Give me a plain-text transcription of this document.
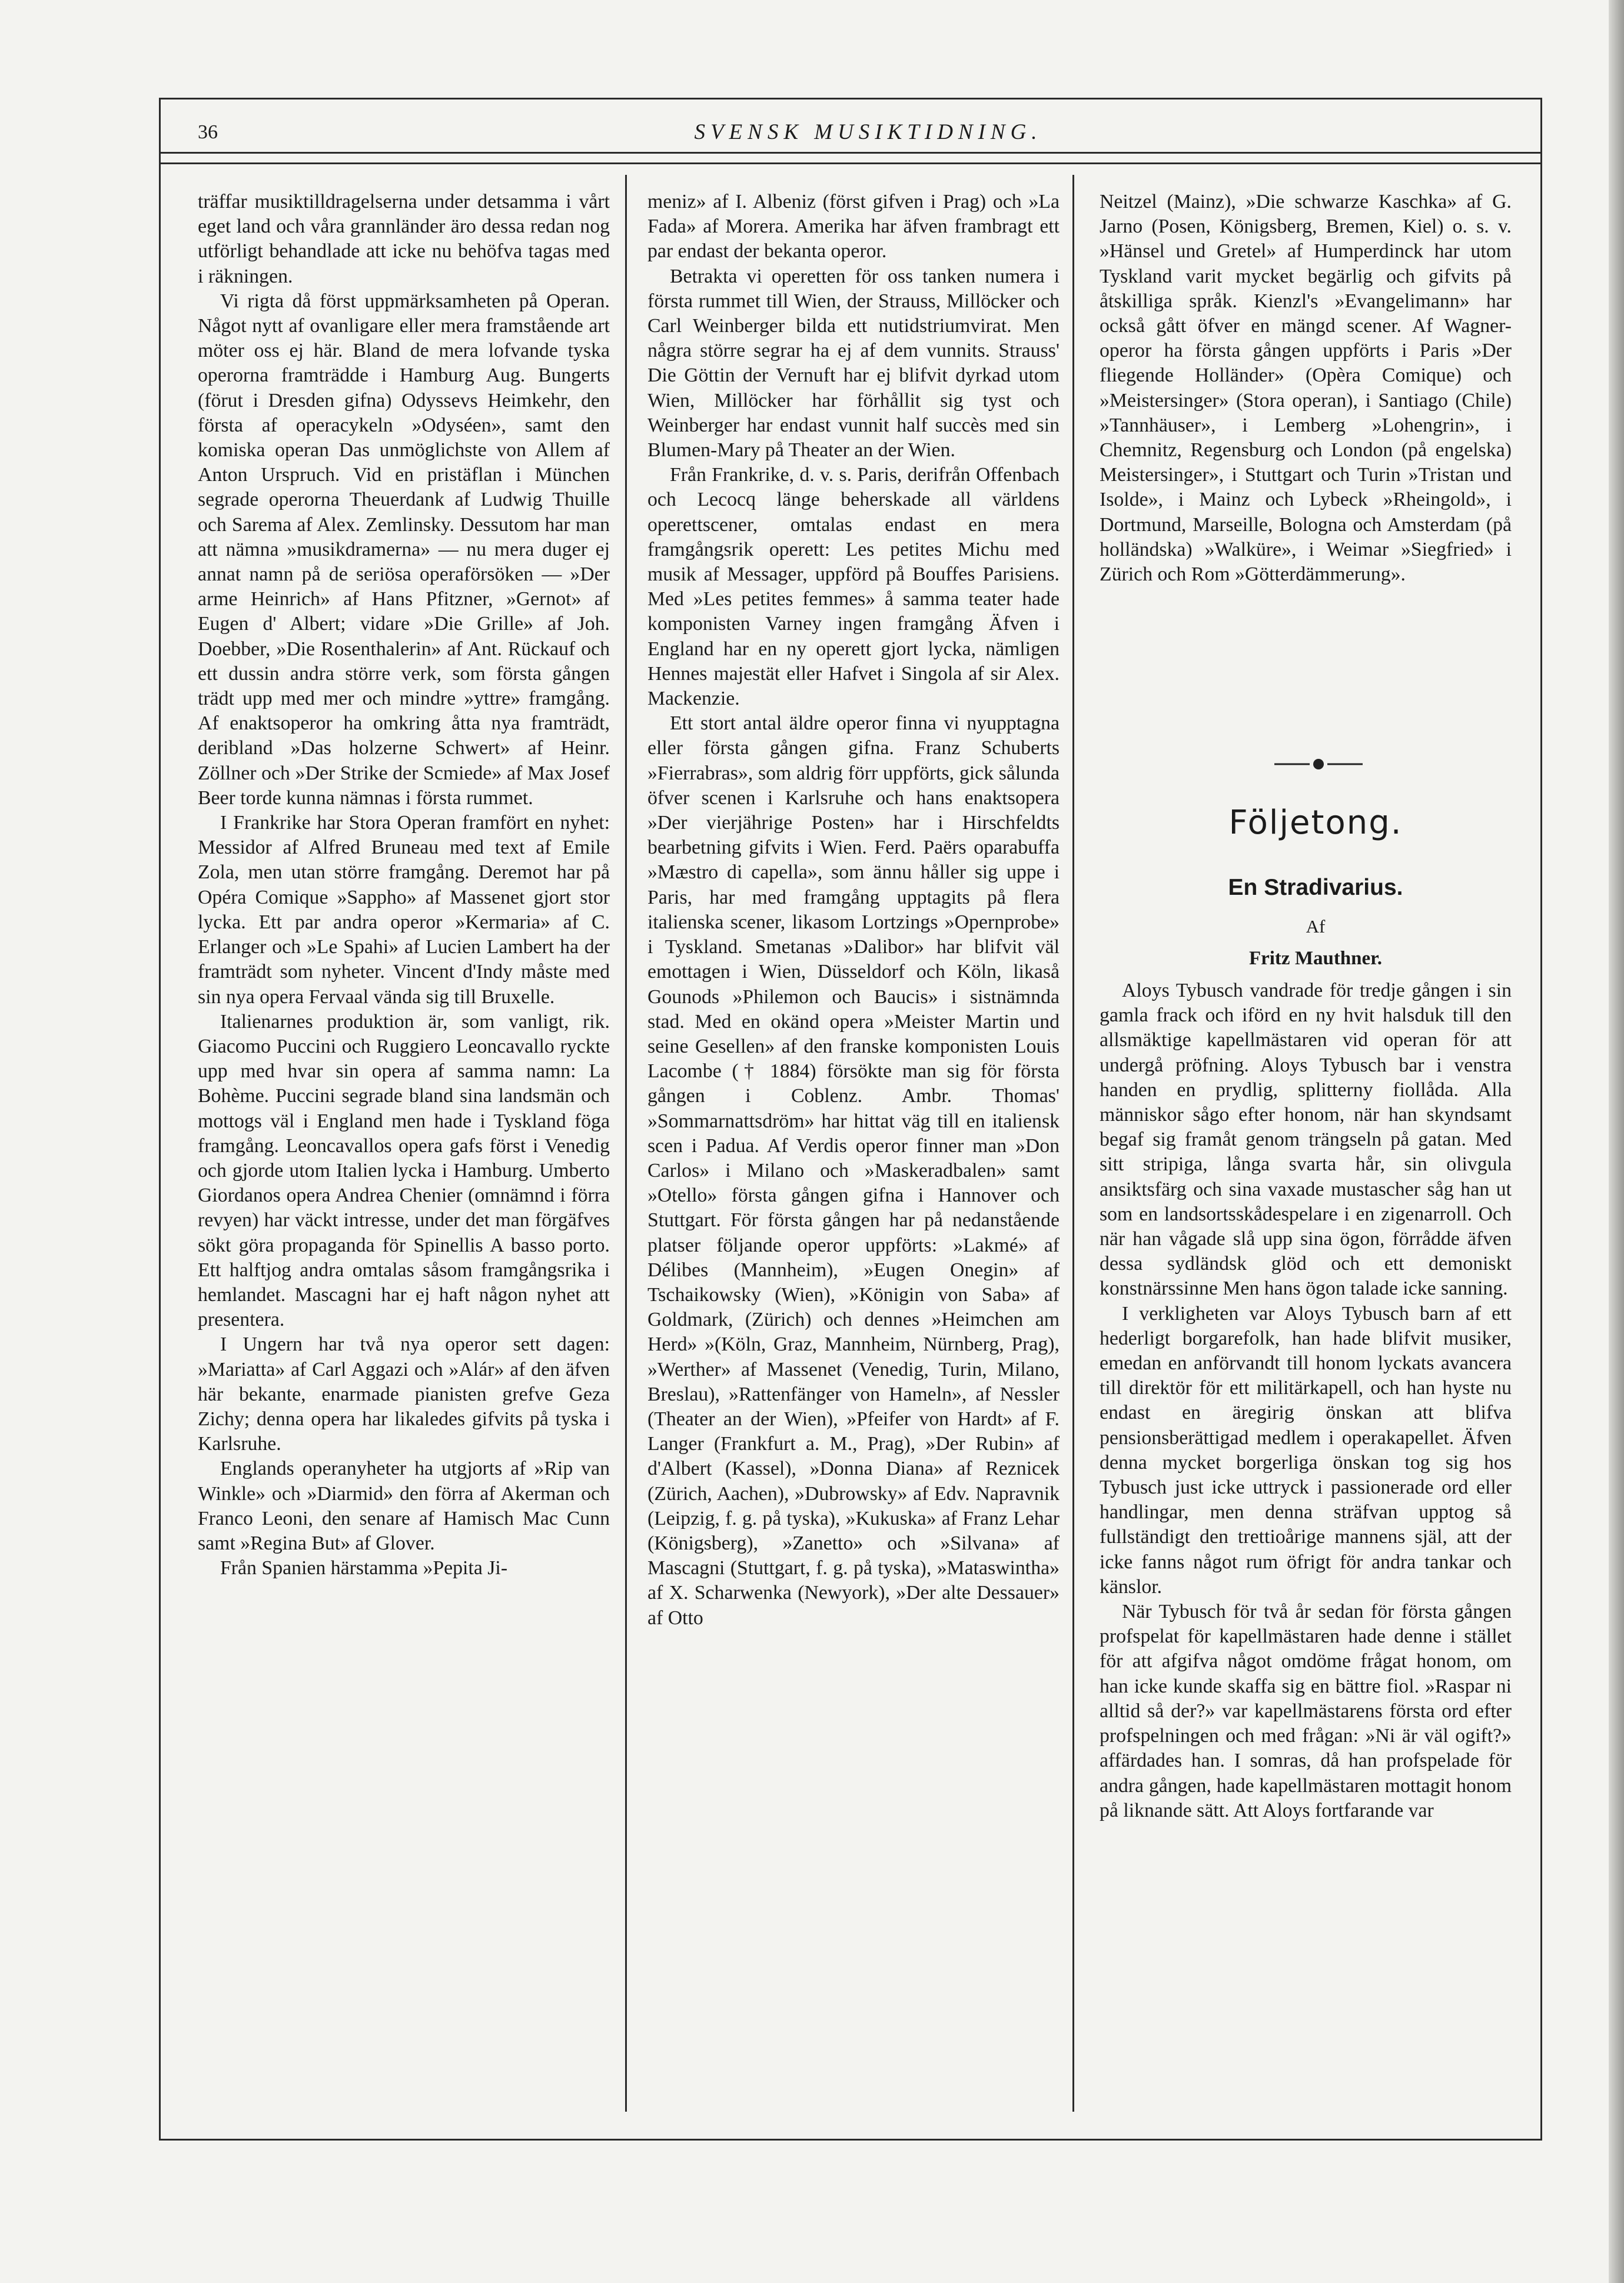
36	SVENSK MUSIKTIDNING.

träffar musiktilldragelserna under detsamma i vårt eget land och våra grannländer äro dessa redan nog utförligt behandlade att icke nu behöfva tagas med i räkningen.

Vi rigta då först uppmärksamheten på Operan. Något nytt af ovanligare eller mera framstående art möter oss ej här. Bland de mera lofvande tyska operorna framträdde i Hamburg Aug. Bungerts (förut i Dresden gifna) Odyssevs Heimkehr, den första af operacykeln »Odyséen», samt den komiska operan Das unmöglichste von Allem af Anton Urspruch. Vid en pristäflan i München segrade operorna Theuerdank af Ludwig Thuille och Sarema af Alex. Zemlinsky. Dessutom har man att nämna »musikdramerna» — nu mera duger ej annat namn på de seriösa operaförsöken — »Der arme Heinrich» af Hans Pfitzner, »Gernot» af Eugen d' Albert; vidare »Die Grille» af Joh. Doebber, »Die Rosenthalerin» af Ant. Rückauf och ett dussin andra större verk, som första gången trädt upp med mer och mindre »yttre» framgång. Af enaktsoperor ha omkring åtta nya framträdt, deribland »Das holzerne Schwert» af Heinr. Zöllner och »Der Strike der Scmiede» af Max Josef Beer torde kunna nämnas i första rummet.

I Frankrike har Stora Operan framfört en nyhet: Messidor af Alfred Bruneau med text af Emile Zola, men utan större framgång. Deremot har på Opéra Comique »Sappho» af Massenet gjort stor lycka. Ett par andra operor »Kermaria» af C. Erlanger och »Le Spahi» af Lucien Lambert ha der framträdt som nyheter. Vincent d'Indy måste med sin nya opera Fervaal vända sig till Bruxelle.

Italienarnes produktion är, som vanligt, rik. Giacomo Puccini och Ruggiero Leoncavallo ryckte upp med hvar sin opera af samma namn: La Bohème. Puccini segrade bland sina landsmän och mottogs väl i England men hade i Tyskland föga framgång. Leoncavallos opera gafs först i Venedig och gjorde utom Italien lycka i Hamburg. Umberto Giordanos opera Andrea Chenier (omnämnd i förra revyen) har väckt intresse, under det man förgäfves sökt göra propaganda för Spinellis A basso porto. Ett halftjog andra omtalas såsom framgångsrika i hemlandet. Mascagni har ej haft någon nyhet att presentera.

I Ungern har två nya operor sett dagen: »Mariatta» af Carl Aggazi och »Alár» af den äfven här bekante, enarmade pianisten grefve Geza Zichy; denna opera har likaledes gifvits på tyska i Karlsruhe.

Englands operanyheter ha utgjorts af »Rip van Winkle» och »Diarmid» den förra af Akerman och Franco Leoni, den senare af Hamisch Mac Cunn samt »Regina But» af Glover.

Från Spanien härstamma »Pepita Ji-

meniz» af I. Albeniz (först gifven i Prag) och »La Fada» af Morera. Amerika har äfven frambragt ett par endast der bekanta operor.

Betrakta vi operetten för oss tanken numera i första rummet till Wien, der Strauss, Millöcker och Carl Weinberger bilda ett nutidstriumvirat. Men några större segrar ha ej af dem vunnits. Strauss' Die Göttin der Vernuft har ej blifvit dyrkad utom Wien, Millöcker har förhållit sig tyst och Weinberger har endast vunnit half succès med sin Blumen-Mary på Theater an der Wien.

Från Frankrike, d. v. s. Paris, derifrån Offenbach och Lecocq länge beherskade all världens operettscener, omtalas endast en mera framgångsrik operett: Les petites Michu med musik af Messager, uppförd på Bouffes Parisiens. Med »Les petites femmes» å samma teater hade komponisten Varney ingen framgång Äfven i England har en ny operett gjort lycka, nämligen Hennes majestät eller Hafvet i Singola af sir Alex. Mackenzie.

Ett stort antal äldre operor finna vi nyupptagna eller första gången gifna. Franz Schuberts »Fierrabras», som aldrig förr uppförts, gick sålunda öfver scenen i Karlsruhe och hans enaktsopera »Der vierjährige Posten» har i Hirschfeldts bearbetning gifvits i Wien. Ferd. Paërs oparabuffa »Mæstro di capella», som ännu håller sig uppe i Paris, har med framgång upptagits på flera italienska scener, likasom Lortzings »Opernprobe» i Tyskland. Smetanas »Dalibor» har blifvit väl emottagen i Wien, Düsseldorf och Köln, likaså Gounods »Philemon och Baucis» i sistnämnda stad. Med en okänd opera »Meister Martin und seine Gesellen» af den franske komponisten Louis Lacombe († 1884) försökte man sig för första gången i Coblenz. Ambr. Thomas' »Sommarnattsdröm» har hittat väg till en italiensk scen i Padua. Af Verdis operor finner man »Don Carlos» i Milano och »Maskeradbalen» samt »Otello» första gången gifna i Hannover och Stuttgart. För första gången har på nedanstående platser följande operor uppförts: »Lakmé» af Délibes (Mannheim), »Eugen Onegin» af Tschaikowsky (Wien), »Königin von Saba» af Goldmark, (Zürich) och dennes »Heimchen am Herd» »(Köln, Graz, Mannheim, Nürnberg, Prag), »Werther» af Massenet (Venedig, Turin, Milano, Breslau), »Rattenfänger von Hameln», af Nessler (Theater an der Wien), »Pfeifer von Hardt» af F. Langer (Frankfurt a. M., Prag), »Der Rubin» af d'Albert (Kassel), »Donna Diana» af Reznicek (Zürich, Aachen), »Dubrowsky» af Edv. Napravnik (Leipzig, f. g. på tyska), »Kukuska» af Franz Lehar (Königsberg), »Zanetto» och »Silvana» af Mascagni (Stuttgart, f. g. på tyska), »Mataswintha» af X. Scharwenka (Newyork), »Der alte Dessauer» af Otto

Neitzel (Mainz), »Die schwarze Kaschka» af G. Jarno (Posen, Königsberg, Bremen, Kiel) o. s. v. »Hänsel und Gretel» af Humperdinck har utom Tyskland varit mycket begärlig och gifvits på åtskilliga språk. Kienzl's »Evangelimann» har också gått öfver en mängd scener. Af Wagner-operor ha första gången uppförts i Paris »Der fliegende Holländer» (Opèra Comique) och »Meistersinger» (Stora operan), i Santiago (Chile) »Tannhäuser», i Lemberg »Lohengrin», i Chemnitz, Regensburg och London (på engelska) Meistersinger», i Stuttgart och Turin »Tristan und Isolde», i Mainz och Lybeck »Rheingold», i Dortmund, Marseille, Bologna och Amsterdam (på holländska) »Walküre», i Weimar »Siegfried» i Zürich och Rom »Götterdämmerung».

Följetong.
En Stradivarius.
Af
Fritz Mauthner.

Aloys Tybusch vandrade för tredje gången i sin gamla frack och iförd en ny hvit halsduk till den allsmäktige kapellmästaren vid operan för att undergå pröfning. Aloys Tybusch bar i venstra handen en prydlig, splitterny fiollåda. Alla människor sågo efter honom, när han skyndsamt begaf sig framåt genom trängseln på gatan. Med sitt stripiga, långa svarta hår, sin olivgula ansiktsfärg och sina vaxade mustascher såg han ut som en landsortsskådespelare i en zigenarroll. Och när han vågade slå upp sina ögon, förrådde äfven dessa sydländsk glöd och ett demoniskt konstnärssinne Men hans ögon talade icke sanning.

I verkligheten var Aloys Tybusch barn af ett hederligt borgarefolk, han hade blifvit musiker, emedan en anförvandt till honom lyckats avancera till direktör för ett militärkapell, och han hyste nu endast en äregirig önskan att blifva pensionsberättigad medlem i operakapellet. Äfven denna mycket borgerliga önskan tog sig hos Tybusch just icke uttryck i passionerade ord eller handlingar, men denna sträfvan upptog så fullständigt den trettioårige mannens själ, att der icke fanns något rum öfrigt för andra tankar och känslor.

När Tybusch för två år sedan för första gången profspelat för kapellmästaren hade denne i stället för att afgifva något omdöme frågat honom, om han icke kunde skaffa sig en bättre fiol. »Raspar ni alltid så der?» var kapellmästarens första ord efter profspelningen och med frågan: »Ni är väl ogift?» affärdades han. I somras, då han profspelade för andra gången, hade kapellmästaren mottagit honom på liknande sätt. Att Aloys fortfarande var
